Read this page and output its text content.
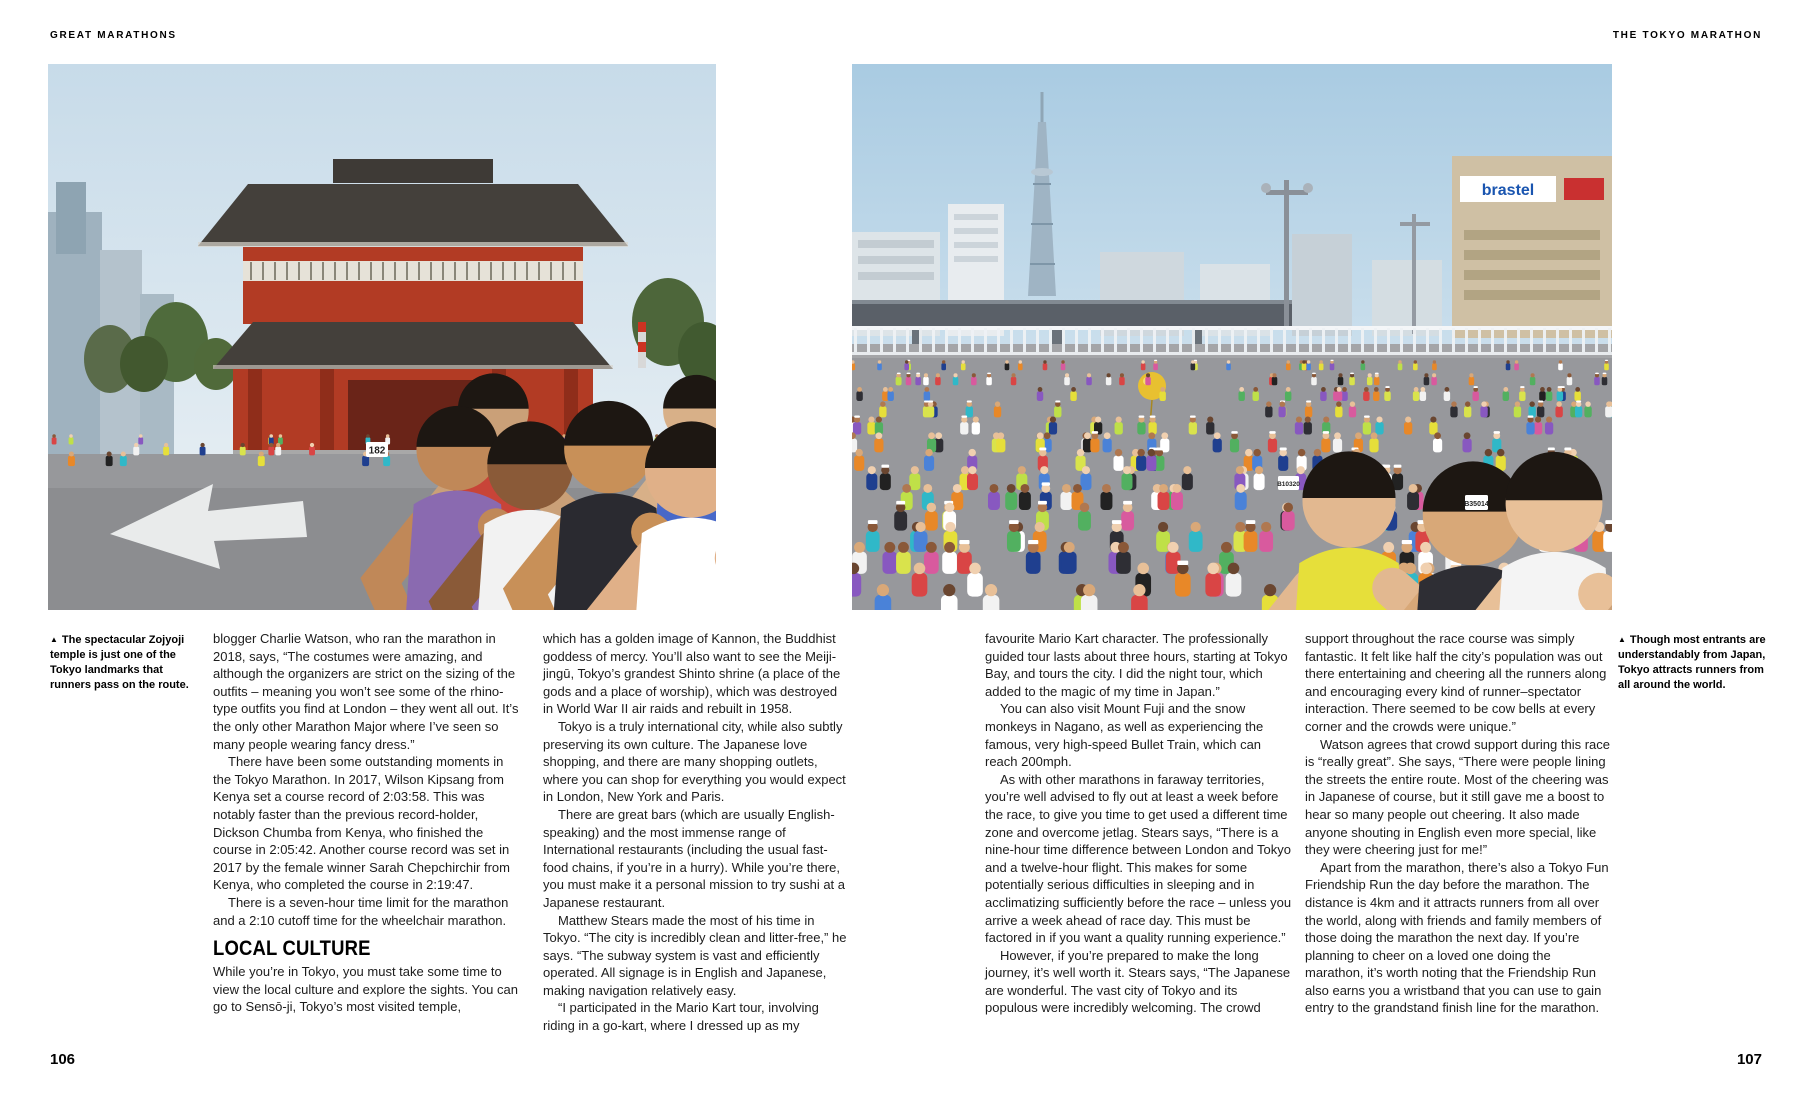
GREAT MARATHONS	THE TOKYO MARATHON
182
brastel
B10320
B35014
▲ The spectacular Zojyoji temple is just one of the Tokyo landmarks that runners pass on the route.
▲ Though most entrants are understandably from Japan, Tokyo attracts runners from all around the world.

blogger Charlie Watson, who ran the marathon in 2018, says, “The costumes were amazing, and although the organizers are strict on the sizing of the outfits – meaning you won’t see some of the rhino-type outfits you find at London – they went all out. It’s the only other Marathon Major where I’ve seen so many people wearing fancy dress.”

There have been some outstanding moments in the Tokyo Marathon. In 2017, Wilson Kipsang from Kenya set a course record of 2:03:58. This was notably faster than the previous record-holder, Dickson Chumba from Kenya, who finished the course in 2:05:42. Another course record was set in 2017 by the female winner Sarah Chepchirchir from Kenya, who completed the course in 2:19:47.

There is a seven-hour time limit for the marathon and a 2:10 cutoff time for the wheelchair marathon.

LOCAL CULTURE

While you’re in Tokyo, you must take some time to view the local culture and explore the sights. You can go to Sensō-ji, Tokyo’s most visited temple,

which has a golden image of Kannon, the Buddhist goddess of mercy. You’ll also want to see the Meiji-jingū, Tokyo’s grandest Shinto shrine (a place of the gods and a place of worship), which was destroyed in World War II air raids and rebuilt in 1958.

Tokyo is a truly international city, while also subtly preserving its own culture. The Japanese love shopping, and there are many shopping outlets, where you can shop for everything you would expect in London, New York and Paris.

There are great bars (which are usually English-speaking) and the most immense range of International restaurants (including the usual fast-food chains, if you’re in a hurry). While you’re there, you must make it a personal mission to try sushi at a Japanese restaurant.

Matthew Stears made the most of his time in Tokyo. “The city is incredibly clean and litter-free,” he says. “The subway system is vast and efficiently operated. All signage is in English and Japanese, making navigation relatively easy.

“I participated in the Mario Kart tour, involving riding in a go-kart, where I dressed up as my

favourite Mario Kart character. The professionally guided tour lasts about three hours, starting at Tokyo Bay, and tours the city. I did the night tour, which added to the magic of my time in Japan.”

You can also visit Mount Fuji and the snow monkeys in Nagano, as well as experiencing the famous, very high-speed Bullet Train, which can reach 200mph.

As with other marathons in faraway territories, you’re well advised to fly out at least a week before the race, to give you time to get used a different time zone and overcome jetlag. Stears says, “There is a nine-hour time difference between London and Tokyo and a twelve-hour flight. This makes for some potentially serious difficulties in sleeping and in acclimatizing sufficiently before the race – unless you arrive a week ahead of race day. This must be factored in if you want a quality running experience.”

However, if you’re prepared to make the long journey, it’s well worth it. Stears says, “The Japanese are wonderful. The vast city of Tokyo and its populous were incredibly welcoming. The crowd

support throughout the race course was simply fantastic. It felt like half the city’s population was out there entertaining and cheering all the runners along and encouraging every kind of runner–spectator interaction. There seemed to be cow bells at every corner and the crowds were unique.”

Watson agrees that crowd support during this race is “really great”. She says, “There were people lining the streets the entire route. Most of the cheering was in Japanese of course, but it still gave me a boost to hear so many people out cheering. It also made anyone shouting in English even more special, like they were cheering just for me!”

Apart from the marathon, there’s also a Tokyo Fun Friendship Run the day before the marathon. The distance is 4km and it attracts runners from all over the world, along with friends and family members of those doing the marathon the next day. If you’re planning to cheer on a loved one doing the marathon, it’s worth noting that the Friendship Run also earns you a wristband that you can use to gain entry to the grandstand finish line for the marathon.

106	107
